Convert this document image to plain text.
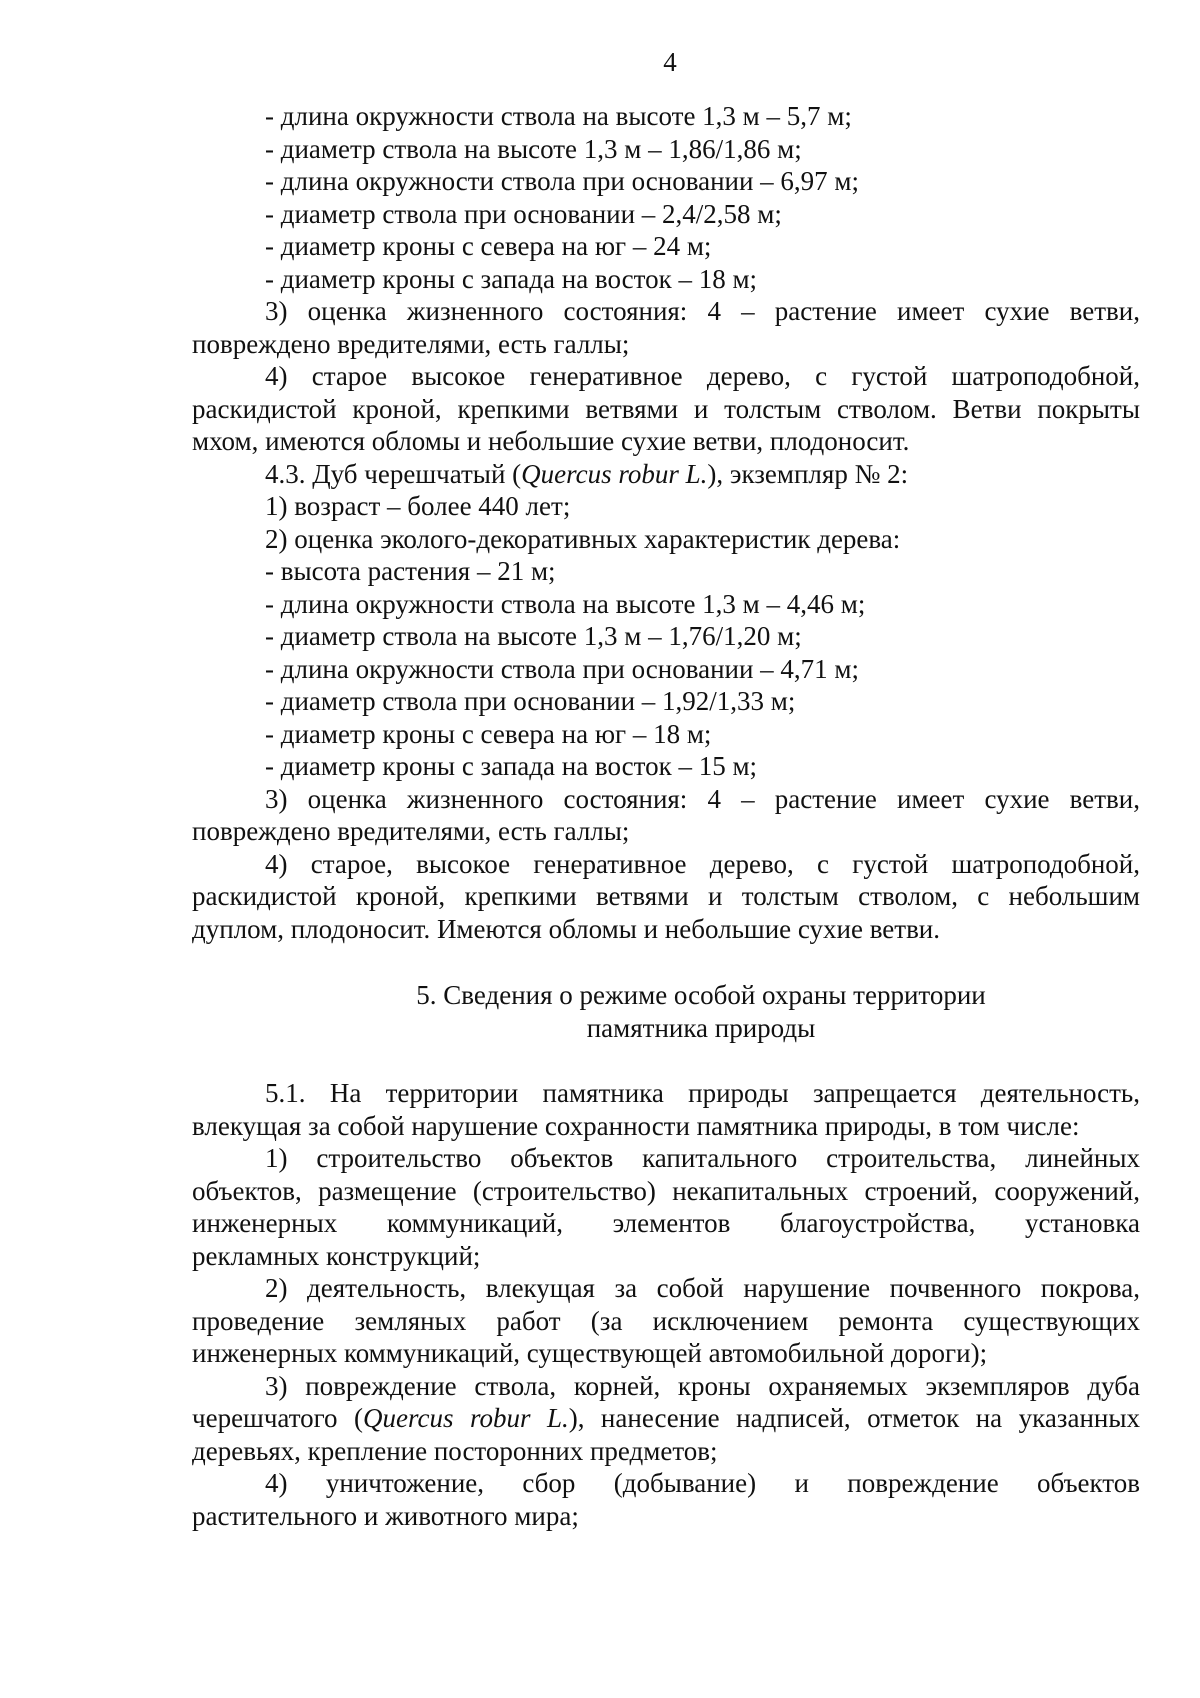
4

- длина окружности ствола на высоте 1,3 м – 5,7 м;

- диаметр ствола на высоте 1,3 м – 1,86/1,86 м;

- длина окружности ствола при основании – 6,97 м;

- диаметр ствола при основании – 2,4/2,58 м;

- диаметр кроны с севера на юг – 24 м;

- диаметр кроны с запада на восток – 18 м;

3) оценка жизненного состояния: 4 – растение имеет сухие ветви,

повреждено вредителями, есть галлы;

4) старое высокое генеративное дерево, с густой шатроподобной,

раскидистой кроной, крепкими ветвями и толстым стволом. Ветви покрыты

мхом, имеются обломы и небольшие сухие ветви, плодоносит.

4.3. Дуб черешчатый (Quercus robur L.), экземпляр № 2:

1) возраст – более 440 лет;

2) оценка эколого-декоративных характеристик дерева:

- высота растения – 21 м;

- длина окружности ствола на высоте 1,3 м – 4,46 м;

- диаметр ствола на высоте 1,3 м – 1,76/1,20 м;

- длина окружности ствола при основании – 4,71 м;

- диаметр ствола при основании – 1,92/1,33 м;

- диаметр кроны с севера на юг – 18 м;

- диаметр кроны с запада на восток – 15 м;

3) оценка жизненного состояния: 4 – растение имеет сухие ветви,

повреждено вредителями, есть галлы;

4) старое, высокое генеративное дерево, с густой шатроподобной,

раскидистой кроной, крепкими ветвями и толстым стволом, с небольшим

дуплом, плодоносит. Имеются обломы и небольшие сухие ветви.

5. Сведения о режиме особой охраны территории

памятника природы

5.1. На территории памятника природы запрещается деятельность,

влекущая за собой нарушение сохранности памятника природы, в том числе:

1) строительство объектов капитального строительства, линейных

объектов, размещение (строительство) некапитальных строений, сооружений,

инженерных коммуникаций, элементов благоустройства, установка

рекламных конструкций;

2) деятельность, влекущая за собой нарушение почвенного покрова,

проведение земляных работ (за исключением ремонта существующих

инженерных коммуникаций, существующей автомобильной дороги);

3) повреждение ствола, корней, кроны охраняемых экземпляров дуба

черешчатого (Quercus robur L.), нанесение надписей, отметок на указанных

деревьях, крепление посторонних предметов;

4) уничтожение, сбор (добывание) и повреждение объектов

растительного и животного мира;
